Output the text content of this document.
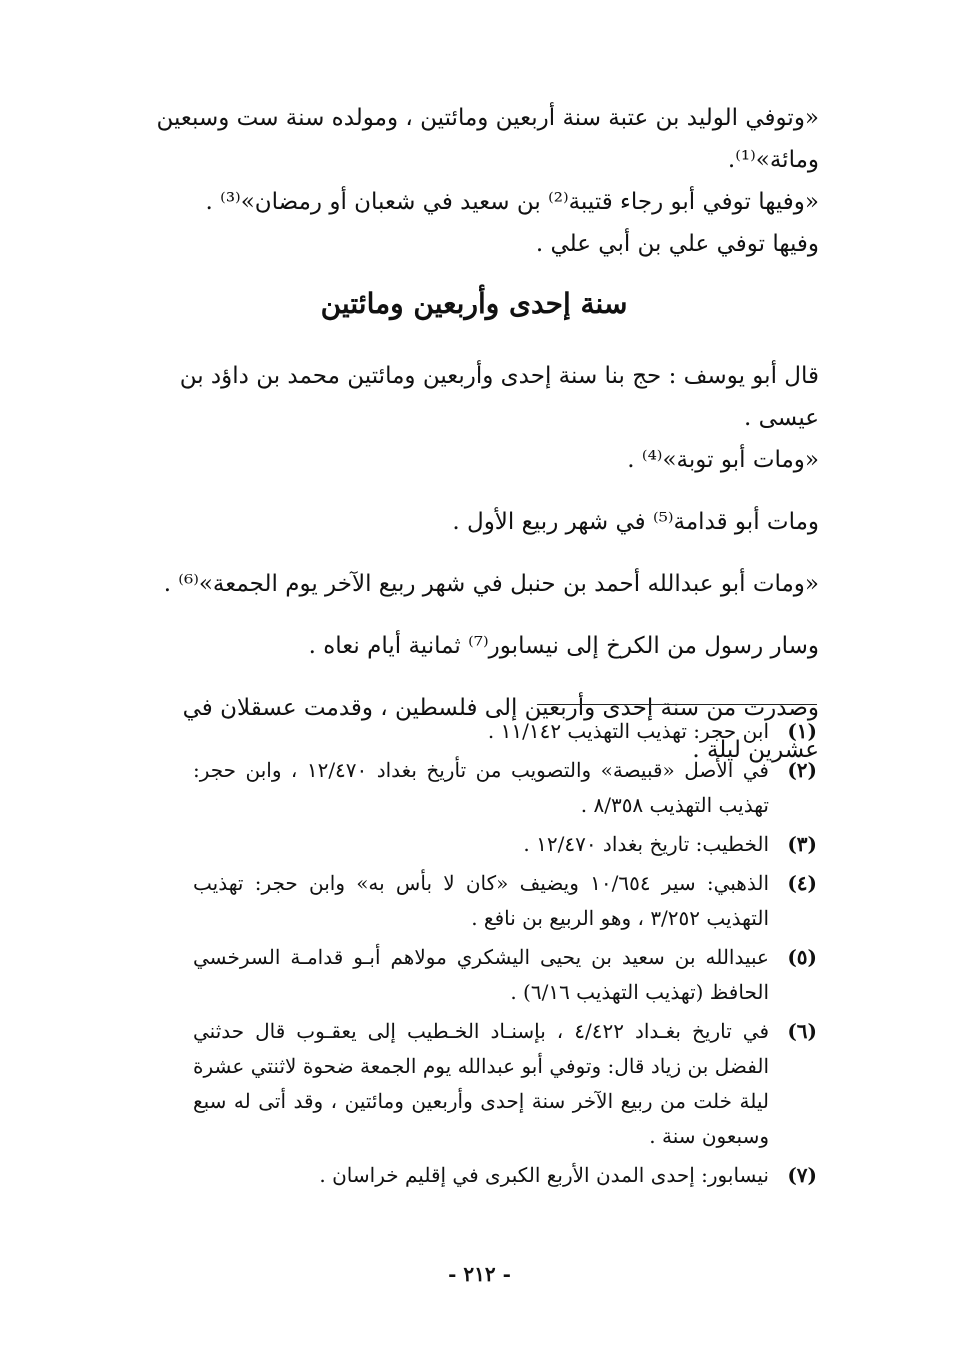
«وتوفي الوليد بن عتبة سنة أربعين ومائتين ، ومولده سنة ست وسبعين ومائة»⁽¹⁾.

«وفيها توفي أبو رجاء قتيبة⁽²⁾ بن سعيد في شعبان أو رمضان»⁽³⁾ .

وفيها توفي علي بن أبي علي .

سنة إحدى وأربعين ومائتين

قال أبو يوسف : حج بنا سنة إحدى وأربعين ومائتين محمد بن داؤد بن عيسى .

«ومات أبو توبة»⁽⁴⁾ .

ومات أبو قدامة⁽⁵⁾ في شهر ربيع الأول .

«ومات أبو عبدالله أحمد بن حنبل في شهر ربيع الآخر يوم الجمعة»⁽⁶⁾ .

وسار رسول من الكرخ إلى نيسابور⁽⁷⁾ ثمانية أيام نعاه .

وصدرت من سنة إحدى وأربعين إلى فلسطين ، وقدمت عسقلان في عشرين ليلة .

(١)
ابن حجر: تهذيب التهذيب ١١/١٤٢ .
(٢)
في الأصل «قبيصة» والتصويب من تأريخ بغداد ١٢/٤٧٠ ، وابن حجر: تهذيب التهذيب ٨/٣٥٨ .
(٣)
الخطيب: تاريخ بغداد ١٢/٤٧٠ .
(٤)
الذهبي: سير ١٠/٦٥٤ ويضيف «كان لا بأس به» وابن حجر: تهذيب التهذيب ٣/٢٥٢ ، وهو الربيع بن نافع .
(٥)
عبيدالله بن سعيد بن يحيى اليشكري مولاهم أبـو قدامـة السرخسي الحافظ (تهذيب التهذيب ٦/١٦) .
(٦)
في تاريخ بغـداد ٤/٤٢٢ ، بإسنـاد الخـطيب إلى يعقـوب قال حدثني الفضل بن زياد قال: وتوفي أبو عبدالله يوم الجمعة ضحوة لاثنتي عشرة ليلة خلت من ربيع الآخر سنة إحدى وأربعين ومائتين ، وقد أتى له سبع وسبعون سنة .
(٧)
نيسابور: إحدى المدن الأربع الكبرى في إقليم خراسان .
- ٢١٢ -
